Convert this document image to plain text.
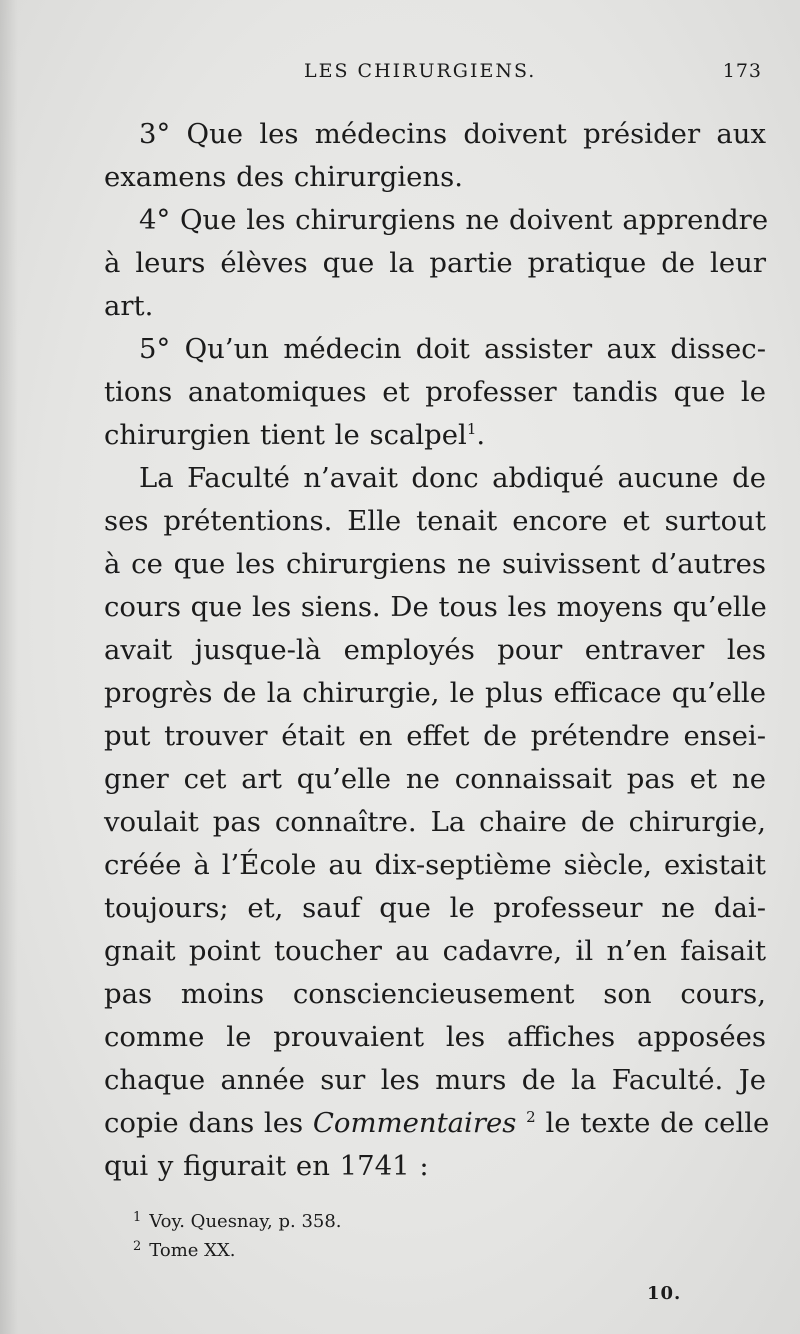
LES CHIRURGIENS.	173
3° Que les médecins doivent présider aux
examens des chirurgiens.
4° Que les chirurgiens ne doivent apprendre
à leurs élèves que la partie pratique de leur
art.
5° Qu’un médecin doit assister aux dissec-
tions anatomiques et professer tandis que le
chirurgien tient le scalpel$^1$.
La Faculté n’avait donc abdiqué aucune de
ses prétentions. Elle tenait encore et surtout
à ce que les chirurgiens ne suivissent d’autres
cours que les siens. De tous les moyens qu’elle
avait jusque-là employés pour entraver les
progrès de la chirurgie, le plus efficace qu’elle
put trouver était en effet de prétendre ensei-
gner cet art qu’elle ne connaissait pas et ne
voulait pas connaître. La chaire de chirurgie,
créée à l’École au dix-septième siècle, existait
toujours; et, sauf que le professeur ne dai-
gnait point toucher au cadavre, il n’en faisait
pas moins consciencieusement son cours,
comme le prouvaient les affiches apposées
chaque année sur les murs de la Faculté. Je
copie dans les Commentaires $^2$ le texte de celle
qui y figurait en 1741 :
$^1$ Voy. Quesnay, p. 358.
$^2$ Tome XX.
10.
